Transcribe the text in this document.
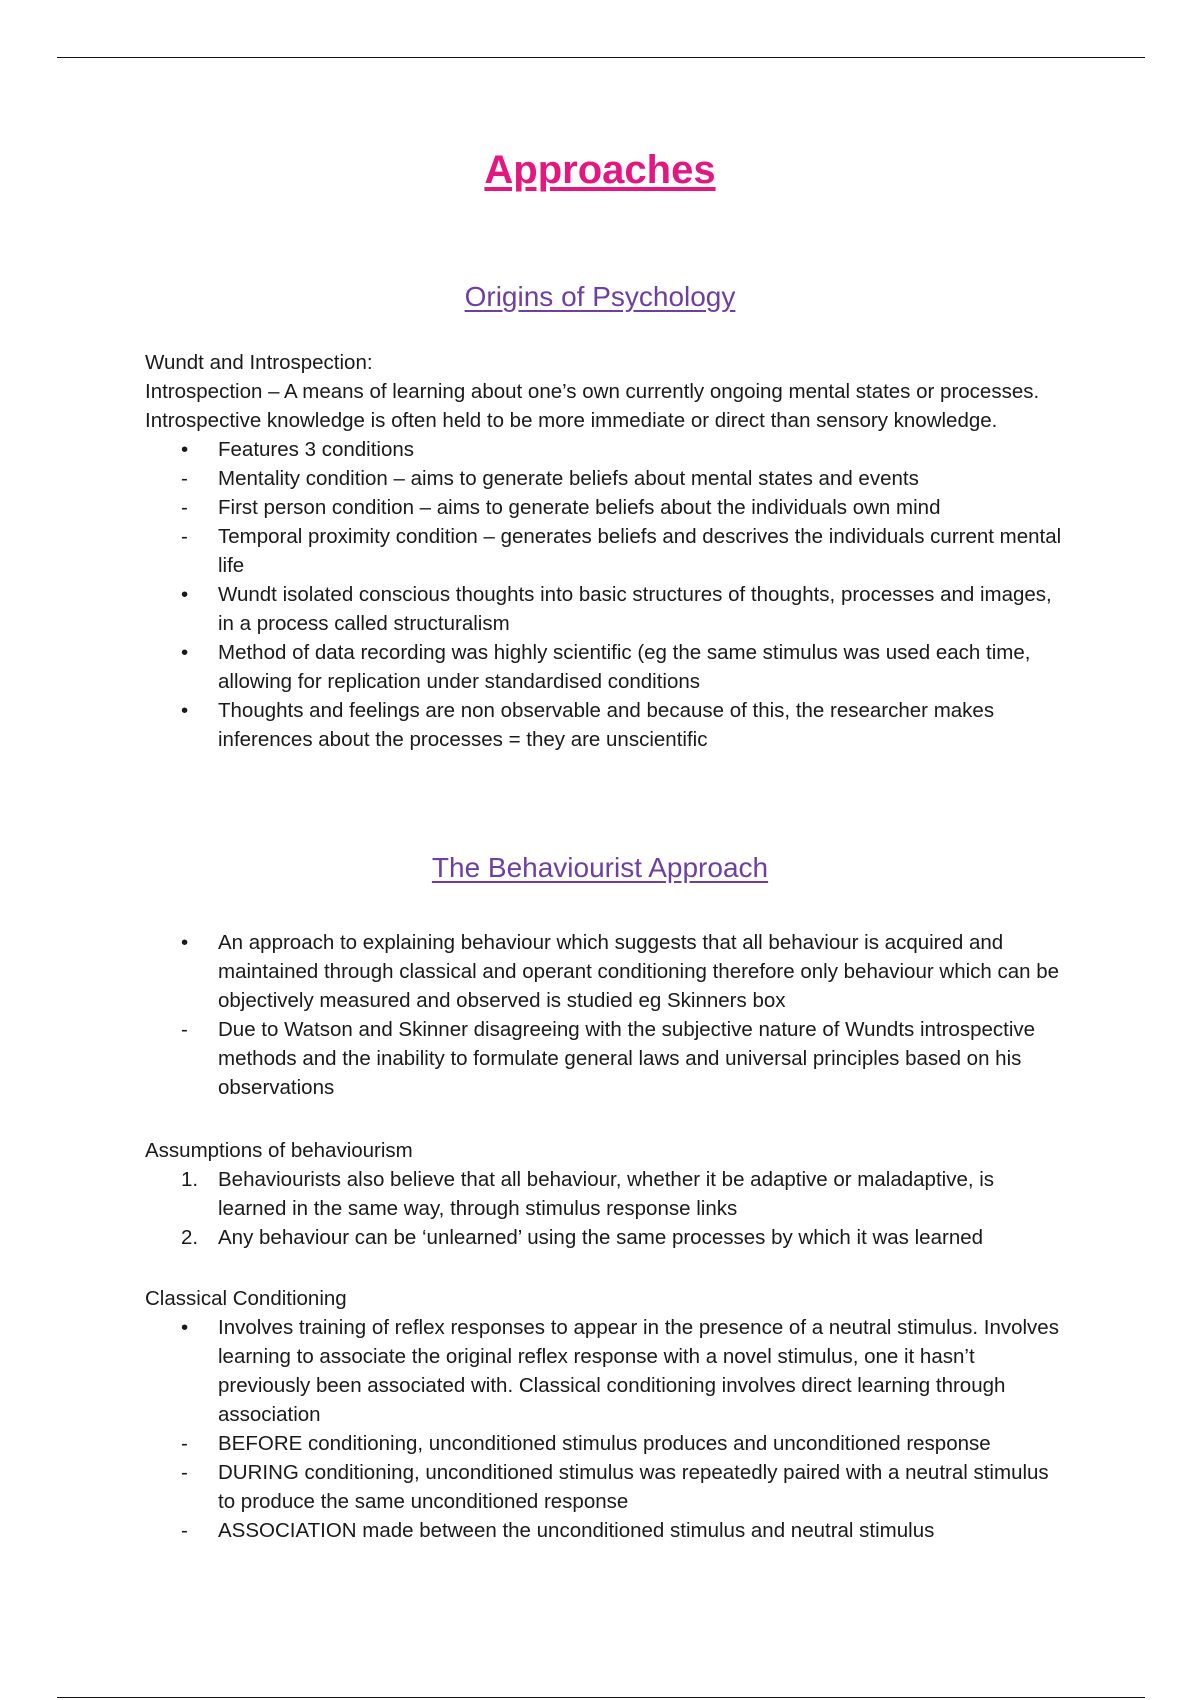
Approaches
Origins of Psychology

Wundt and Introspection:

Introspection – A means of learning about one’s own currently ongoing mental states or processes. Introspective knowledge is often held to be more immediate or direct than sensory knowledge.

•	Features 3 conditions
-	Mentality condition – aims to generate beliefs about mental states and events
-	First person condition – aims to generate beliefs about the individuals own mind
-	Temporal proximity condition – generates beliefs and descrives the individuals current mental life
•	Wundt isolated conscious thoughts into basic structures of thoughts, processes and images, in a process called structuralism
•	Method of data recording was highly scientific (eg the same stimulus was used each time, allowing for replication under standardised conditions
•	Thoughts and feelings are non observable and because of this, the researcher makes inferences about the processes = they are unscientific
The Behaviourist Approach
•	An approach to explaining behaviour which suggests that all behaviour is acquired and maintained through classical and operant conditioning therefore only behaviour which can be objectively measured and observed is studied eg Skinners box
-	Due to Watson and Skinner disagreeing with the subjective nature of Wundts introspective methods and the inability to formulate general laws and universal principles based on his observations

Assumptions of behaviourism

1. Behaviourists also believe that all behaviour, whether it be adaptive or maladaptive, is learned in the same way, through stimulus response links
2. Any behaviour can be ‘unlearned’ using the same processes by which it was learned

Classical Conditioning

•	Involves training of reflex responses to appear in the presence of a neutral stimulus. Involves learning to associate the original reflex response with a novel stimulus, one it hasn’t previously been associated with. Classical conditioning involves direct learning through association
-	BEFORE conditioning, unconditioned stimulus produces and unconditioned response
-	DURING conditioning, unconditioned stimulus was repeatedly paired with a neutral stimulus to produce the same unconditioned response
-	ASSOCIATION made between the unconditioned stimulus and neutral stimulus
